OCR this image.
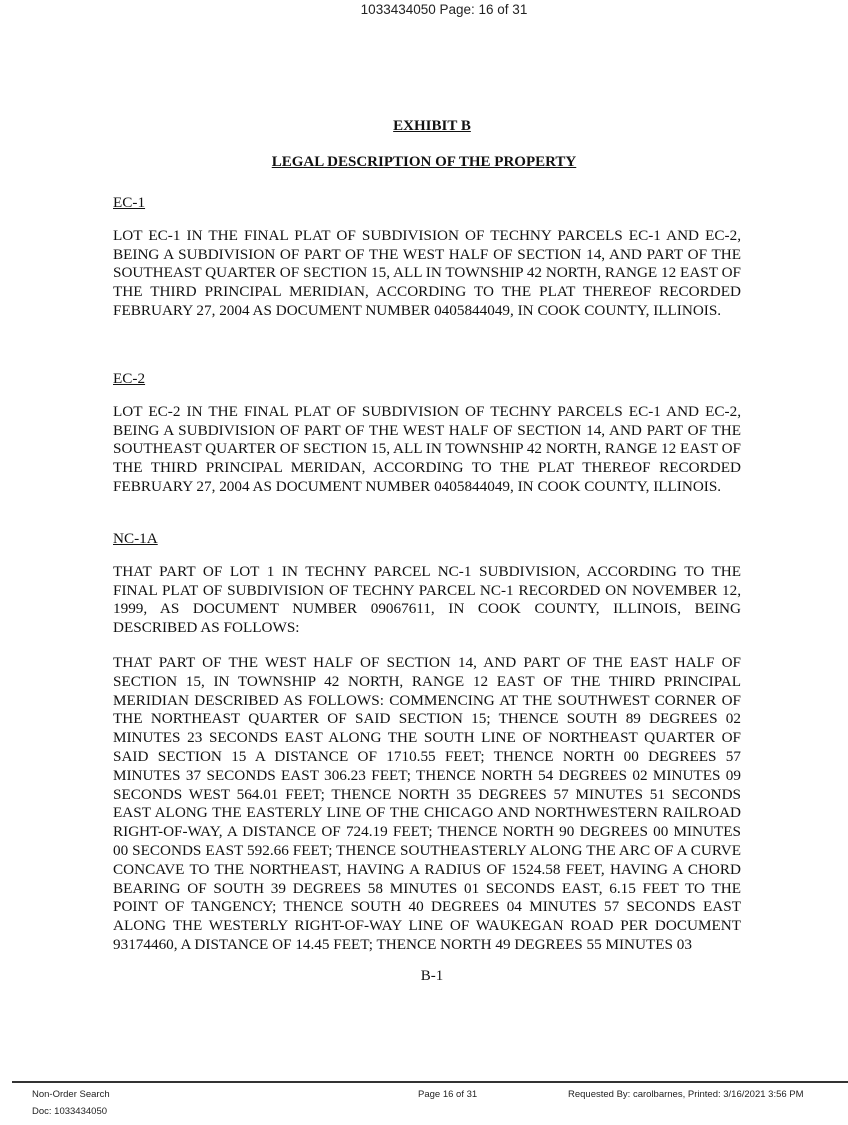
1033434050 Page: 16 of 31
EXHIBIT B
LEGAL DESCRIPTION OF THE PROPERTY
EC-1

LOT EC-1 IN THE FINAL PLAT OF SUBDIVISION OF TECHNY PARCELS EC-1 AND EC-2, BEING A SUBDIVISION OF PART OF THE WEST HALF OF SECTION 14, AND PART OF THE SOUTHEAST QUARTER OF SECTION 15, ALL IN TOWNSHIP 42 NORTH, RANGE 12 EAST OF THE THIRD PRINCIPAL MERIDIAN, ACCORDING TO THE PLAT THEREOF RECORDED FEBRUARY 27, 2004 AS DOCUMENT NUMBER 0405844049, IN COOK COUNTY, ILLINOIS.

EC-2

LOT EC-2 IN THE FINAL PLAT OF SUBDIVISION OF TECHNY PARCELS EC-1 AND EC-2, BEING A SUBDIVISION OF PART OF THE WEST HALF OF SECTION 14, AND PART OF THE SOUTHEAST QUARTER OF SECTION 15, ALL IN TOWNSHIP 42 NORTH, RANGE 12 EAST OF THE THIRD PRINCIPAL MERIDAN, ACCORDING TO THE PLAT THEREOF RECORDED FEBRUARY 27, 2004 AS DOCUMENT NUMBER 0405844049, IN COOK COUNTY, ILLINOIS.

NC-1A

THAT PART OF LOT 1 IN TECHNY PARCEL NC-1 SUBDIVISION, ACCORDING TO THE FINAL PLAT OF SUBDIVISION OF TECHNY PARCEL NC-1 RECORDED ON NOVEMBER 12, 1999, AS DOCUMENT NUMBER 09067611, IN COOK COUNTY, ILLINOIS, BEING DESCRIBED AS FOLLOWS:

THAT PART OF THE WEST HALF OF SECTION 14, AND PART OF THE EAST HALF OF SECTION 15, IN TOWNSHIP 42 NORTH, RANGE 12 EAST OF THE THIRD PRINCIPAL MERIDIAN DESCRIBED AS FOLLOWS: COMMENCING AT THE SOUTHWEST CORNER OF THE NORTHEAST QUARTER OF SAID SECTION 15; THENCE SOUTH 89 DEGREES 02 MINUTES 23 SECONDS EAST ALONG THE SOUTH LINE OF NORTHEAST QUARTER OF SAID SECTION 15 A DISTANCE OF 1710.55 FEET; THENCE NORTH 00 DEGREES 57 MINUTES 37 SECONDS EAST 306.23 FEET; THENCE NORTH 54 DEGREES 02 MINUTES 09 SECONDS WEST 564.01 FEET; THENCE NORTH 35 DEGREES 57 MINUTES 51 SECONDS EAST ALONG THE EASTERLY LINE OF THE CHICAGO AND NORTHWESTERN RAILROAD RIGHT-OF-WAY, A DISTANCE OF 724.19 FEET; THENCE NORTH 90 DEGREES 00 MINUTES 00 SECONDS EAST 592.66 FEET; THENCE SOUTHEASTERLY ALONG THE ARC OF A CURVE CONCAVE TO THE NORTHEAST, HAVING A RADIUS OF 1524.58 FEET, HAVING A CHORD BEARING OF SOUTH 39 DEGREES 58 MINUTES 01 SECONDS EAST, 6.15 FEET TO THE POINT OF TANGENCY; THENCE SOUTH 40 DEGREES 04 MINUTES 57 SECONDS EAST ALONG THE WESTERLY RIGHT-OF-WAY LINE OF WAUKEGAN ROAD PER DOCUMENT 93174460, A DISTANCE OF 14.45 FEET; THENCE NORTH 49 DEGREES 55 MINUTES 03

B-1
Non-Order Search
Doc: 1033434050
Page 16 of 31	Requested By: carolbarnes, Printed: 3/16/2021 3:56 PM
